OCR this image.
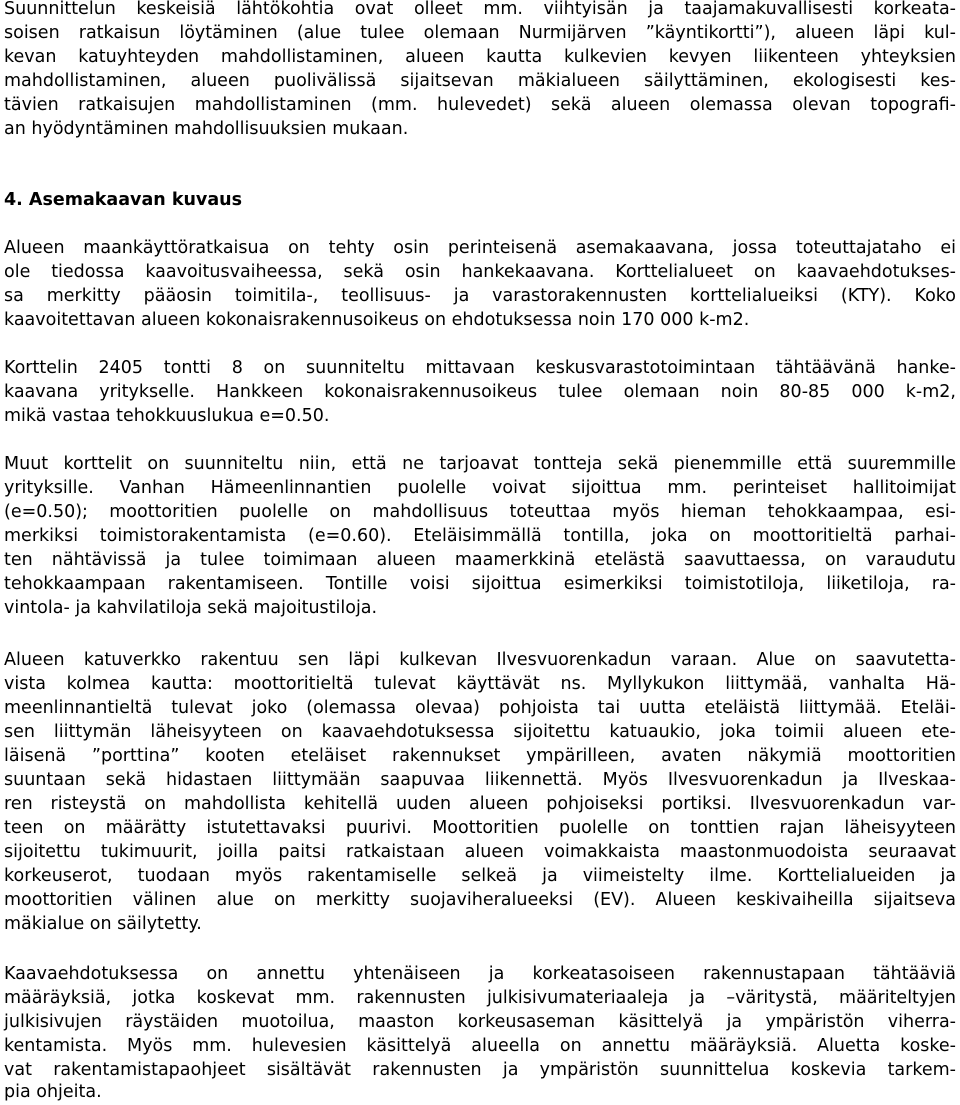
Suunnittelun keskeisiä lähtökohtia ovat olleet mm. viihtyisän ja taajamakuvallisesti korkeata-
soisen ratkaisun löytäminen (alue tulee olemaan Nurmijärven ”käyntikortti”), alueen läpi kul-
kevan katuyhteyden mahdollistaminen, alueen kautta kulkevien kevyen liikenteen yhteyksien
mahdollistaminen, alueen puolivälissä sijaitsevan mäkialueen säilyttäminen, ekologisesti kes-
tävien ratkaisujen mahdollistaminen (mm. hulevedet) sekä alueen olemassa olevan topografi-
an hyödyntäminen mahdollisuuksien mukaan.
4. Asemakaavan kuvaus
Alueen maankäyttöratkaisua on tehty osin perinteisenä asemakaavana, jossa toteuttajataho ei
ole tiedossa kaavoitusvaiheessa, sekä osin hankekaavana. Korttelialueet on kaavaehdotukses-
sa merkitty pääosin toimitila-, teollisuus- ja varastorakennusten korttelialueiksi (KTY). Koko
kaavoitettavan alueen kokonaisrakennusoikeus on ehdotuksessa noin 170 000 k-m2.
Korttelin 2405 tontti 8 on suunniteltu mittavaan keskusvarastotoimintaan tähtäävänä hanke-
kaavana yritykselle. Hankkeen kokonaisrakennusoikeus tulee olemaan noin 80-85 000 k-m2,
mikä vastaa tehokkuuslukua e=0.50.
Muut korttelit on suunniteltu niin, että ne tarjoavat tontteja sekä pienemmille että suuremmille
yrityksille. Vanhan Hämeenlinnantien puolelle voivat sijoittua mm. perinteiset hallitoimijat
(e=0.50); moottoritien puolelle on mahdollisuus toteuttaa myös hieman tehokkaampaa, esi-
merkiksi toimistorakentamista (e=0.60). Eteläisimmällä tontilla, joka on moottoritieltä parhai-
ten nähtävissä ja tulee toimimaan alueen maamerkkinä etelästä saavuttaessa, on varaudutu
tehokkaampaan rakentamiseen. Tontille voisi sijoittua esimerkiksi toimistotiloja, liiketiloja, ra-
vintola- ja kahvilatiloja sekä majoitustiloja.
Alueen katuverkko rakentuu sen läpi kulkevan Ilvesvuorenkadun varaan. Alue on saavutetta-
vista kolmea kautta: moottoritieltä tulevat käyttävät ns. Myllykukon liittymää, vanhalta Hä-
meenlinnantieltä tulevat joko (olemassa olevaa) pohjoista tai uutta eteläistä liittymää. Eteläi-
sen liittymän läheisyyteen on kaavaehdotuksessa sijoitettu katuaukio, joka toimii alueen ete-
läisenä ”porttina” kooten eteläiset rakennukset ympärilleen, avaten näkymiä moottoritien
suuntaan sekä hidastaen liittymään saapuvaa liikennettä. Myös Ilvesvuorenkadun ja Ilveskaa-
ren risteystä on mahdollista kehitellä uuden alueen pohjoiseksi portiksi. Ilvesvuorenkadun var-
teen on määrätty istutettavaksi puurivi. Moottoritien puolelle on tonttien rajan läheisyyteen
sijoitettu tukimuurit, joilla paitsi ratkaistaan alueen voimakkaista maastonmuodoista seuraavat
korkeuserot, tuodaan myös rakentamiselle selkeä ja viimeistelty ilme. Korttelialueiden ja
moottoritien välinen alue on merkitty suojaviheralueeksi (EV). Alueen keskivaiheilla sijaitseva
mäkialue on säilytetty.
Kaavaehdotuksessa on annettu yhtenäiseen ja korkeatasoiseen rakennustapaan tähtääviä
määräyksiä, jotka koskevat mm. rakennusten julkisivumateriaaleja ja –väritystä, määriteltyjen
julkisivujen räystäiden muotoilua, maaston korkeusaseman käsittelyä ja ympäristön viherra-
kentamista. Myös mm. hulevesien käsittelyä alueella on annettu määräyksiä. Aluetta koske-
vat rakentamistapaohjeet sisältävät rakennusten ja ympäristön suunnittelua koskevia tarkem-
pia ohjeita.
